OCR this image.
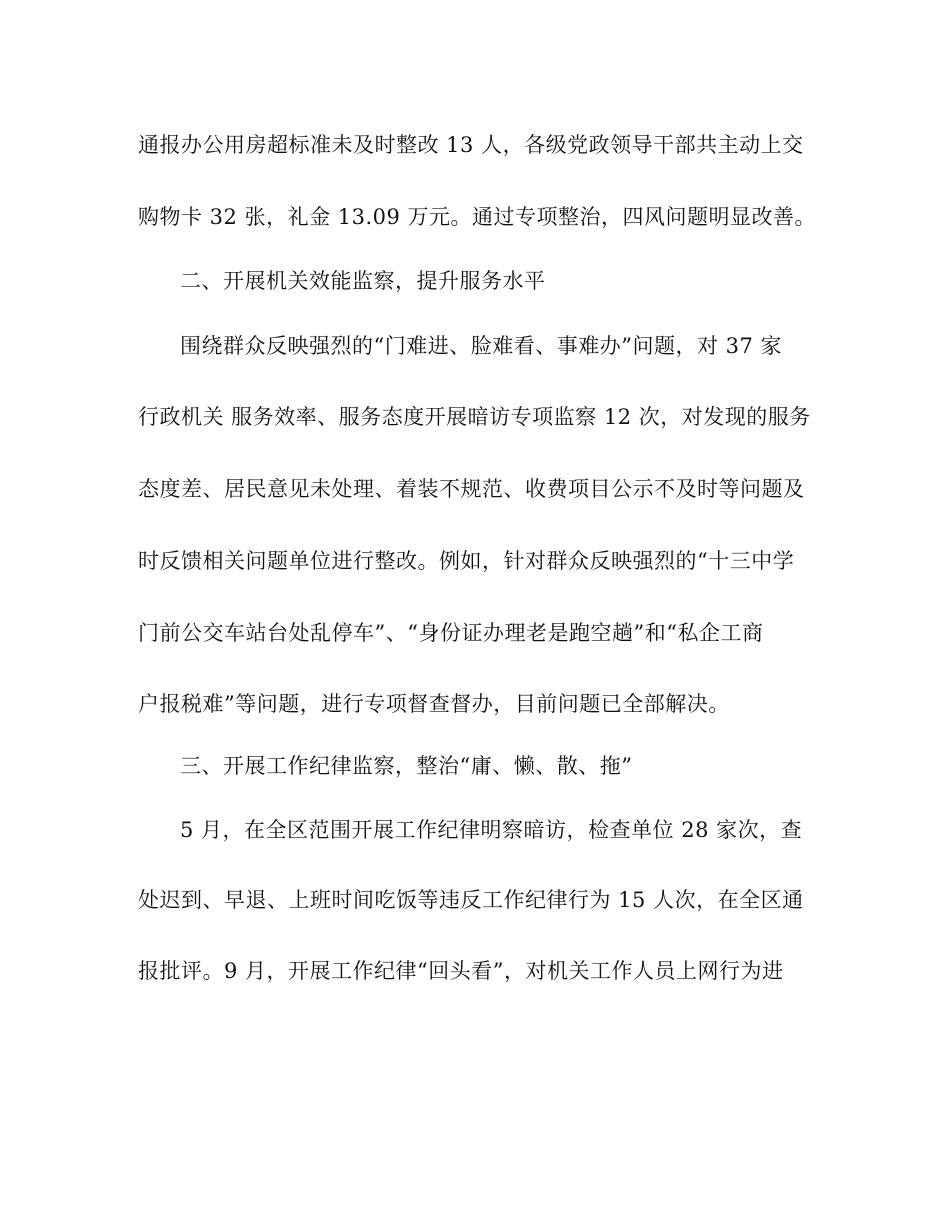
通报办公用房超标准未及时整改 13 人，各级党政领导干部共主动上交
购物卡 32 张，礼金 13.09 万元。通过专项整治，四风问题明显改善。
二、开展机关效能监察，提升服务水平
围绕群众反映强烈的“门难进、脸难看、事难办”问题，对 37 家
行政机关 服务效率、服务态度开展暗访专项监察 12 次，对发现的服务
态度差、居民意见未处理、着装不规范、收费项目公示不及时等问题及
时反馈相关问题单位进行整改。例如，针对群众反映强烈的“十三中学
门前公交车站台处乱停车”、“身份证办理老是跑空趟”和“私企工商
户报税难”等问题，进行专项督查督办，目前问题已全部解决。
三、开展工作纪律监察，整治“庸、懒、散、拖”
5 月，在全区范围开展工作纪律明察暗访，检查单位 28 家次，查
处迟到、早退、上班时间吃饭等违反工作纪律行为 15 人次，在全区通
报批评。9 月，开展工作纪律“回头看”，对机关工作人员上网行为进
